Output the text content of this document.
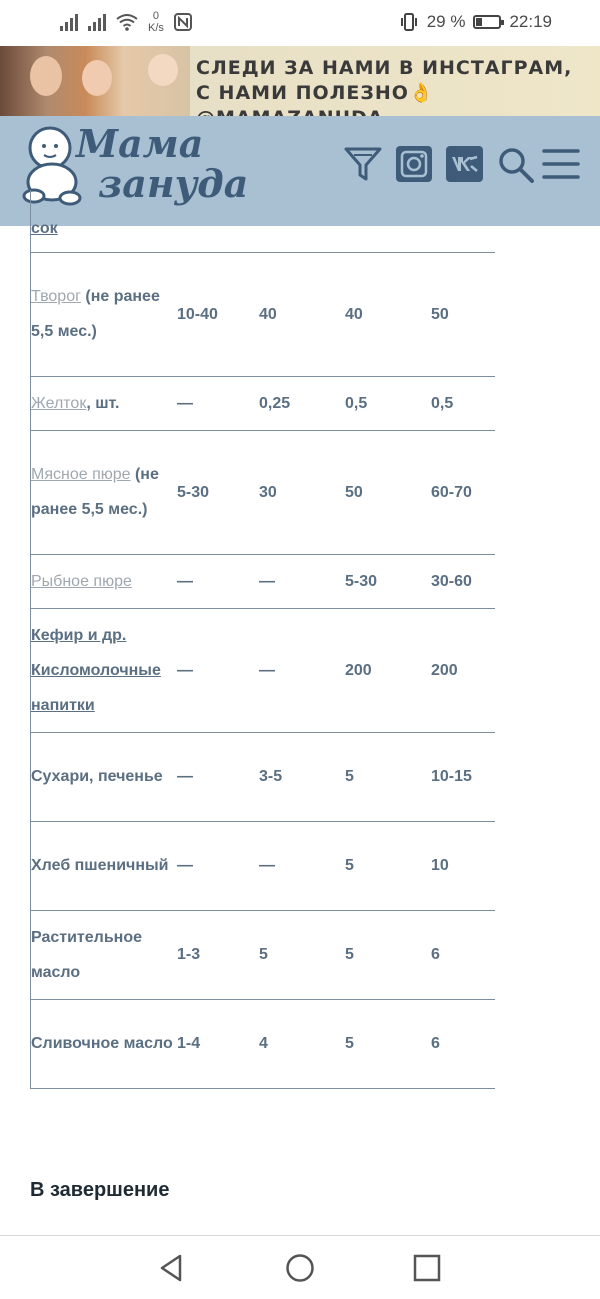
0
K/s	29 %	22:19
СЛЕДИ ЗА НАМИ В ИНСТАГРАМ,
С НАМИ ПОЛЕЗНО👌
Мама
зануда
сок				
Творог (не ранее 5,5 мес.)	10-40	40	40	50
Желток, шт.	—	0,25	0,5	0,5
Мясное пюре (не ранее 5,5 мес.)	5-30	30	50	60-70
Рыбное пюре	—	—	5-30	30-60
Кефир и др. Кисломолочные напитки	—	—	200	200
Сухари, печенье	—	3-5	5	10-15
Хлеб пшеничный	—	—	5	10
Растительное масло	1-3	5	5	6
Сливочное масло	1-4	4	5	6
В завершение
